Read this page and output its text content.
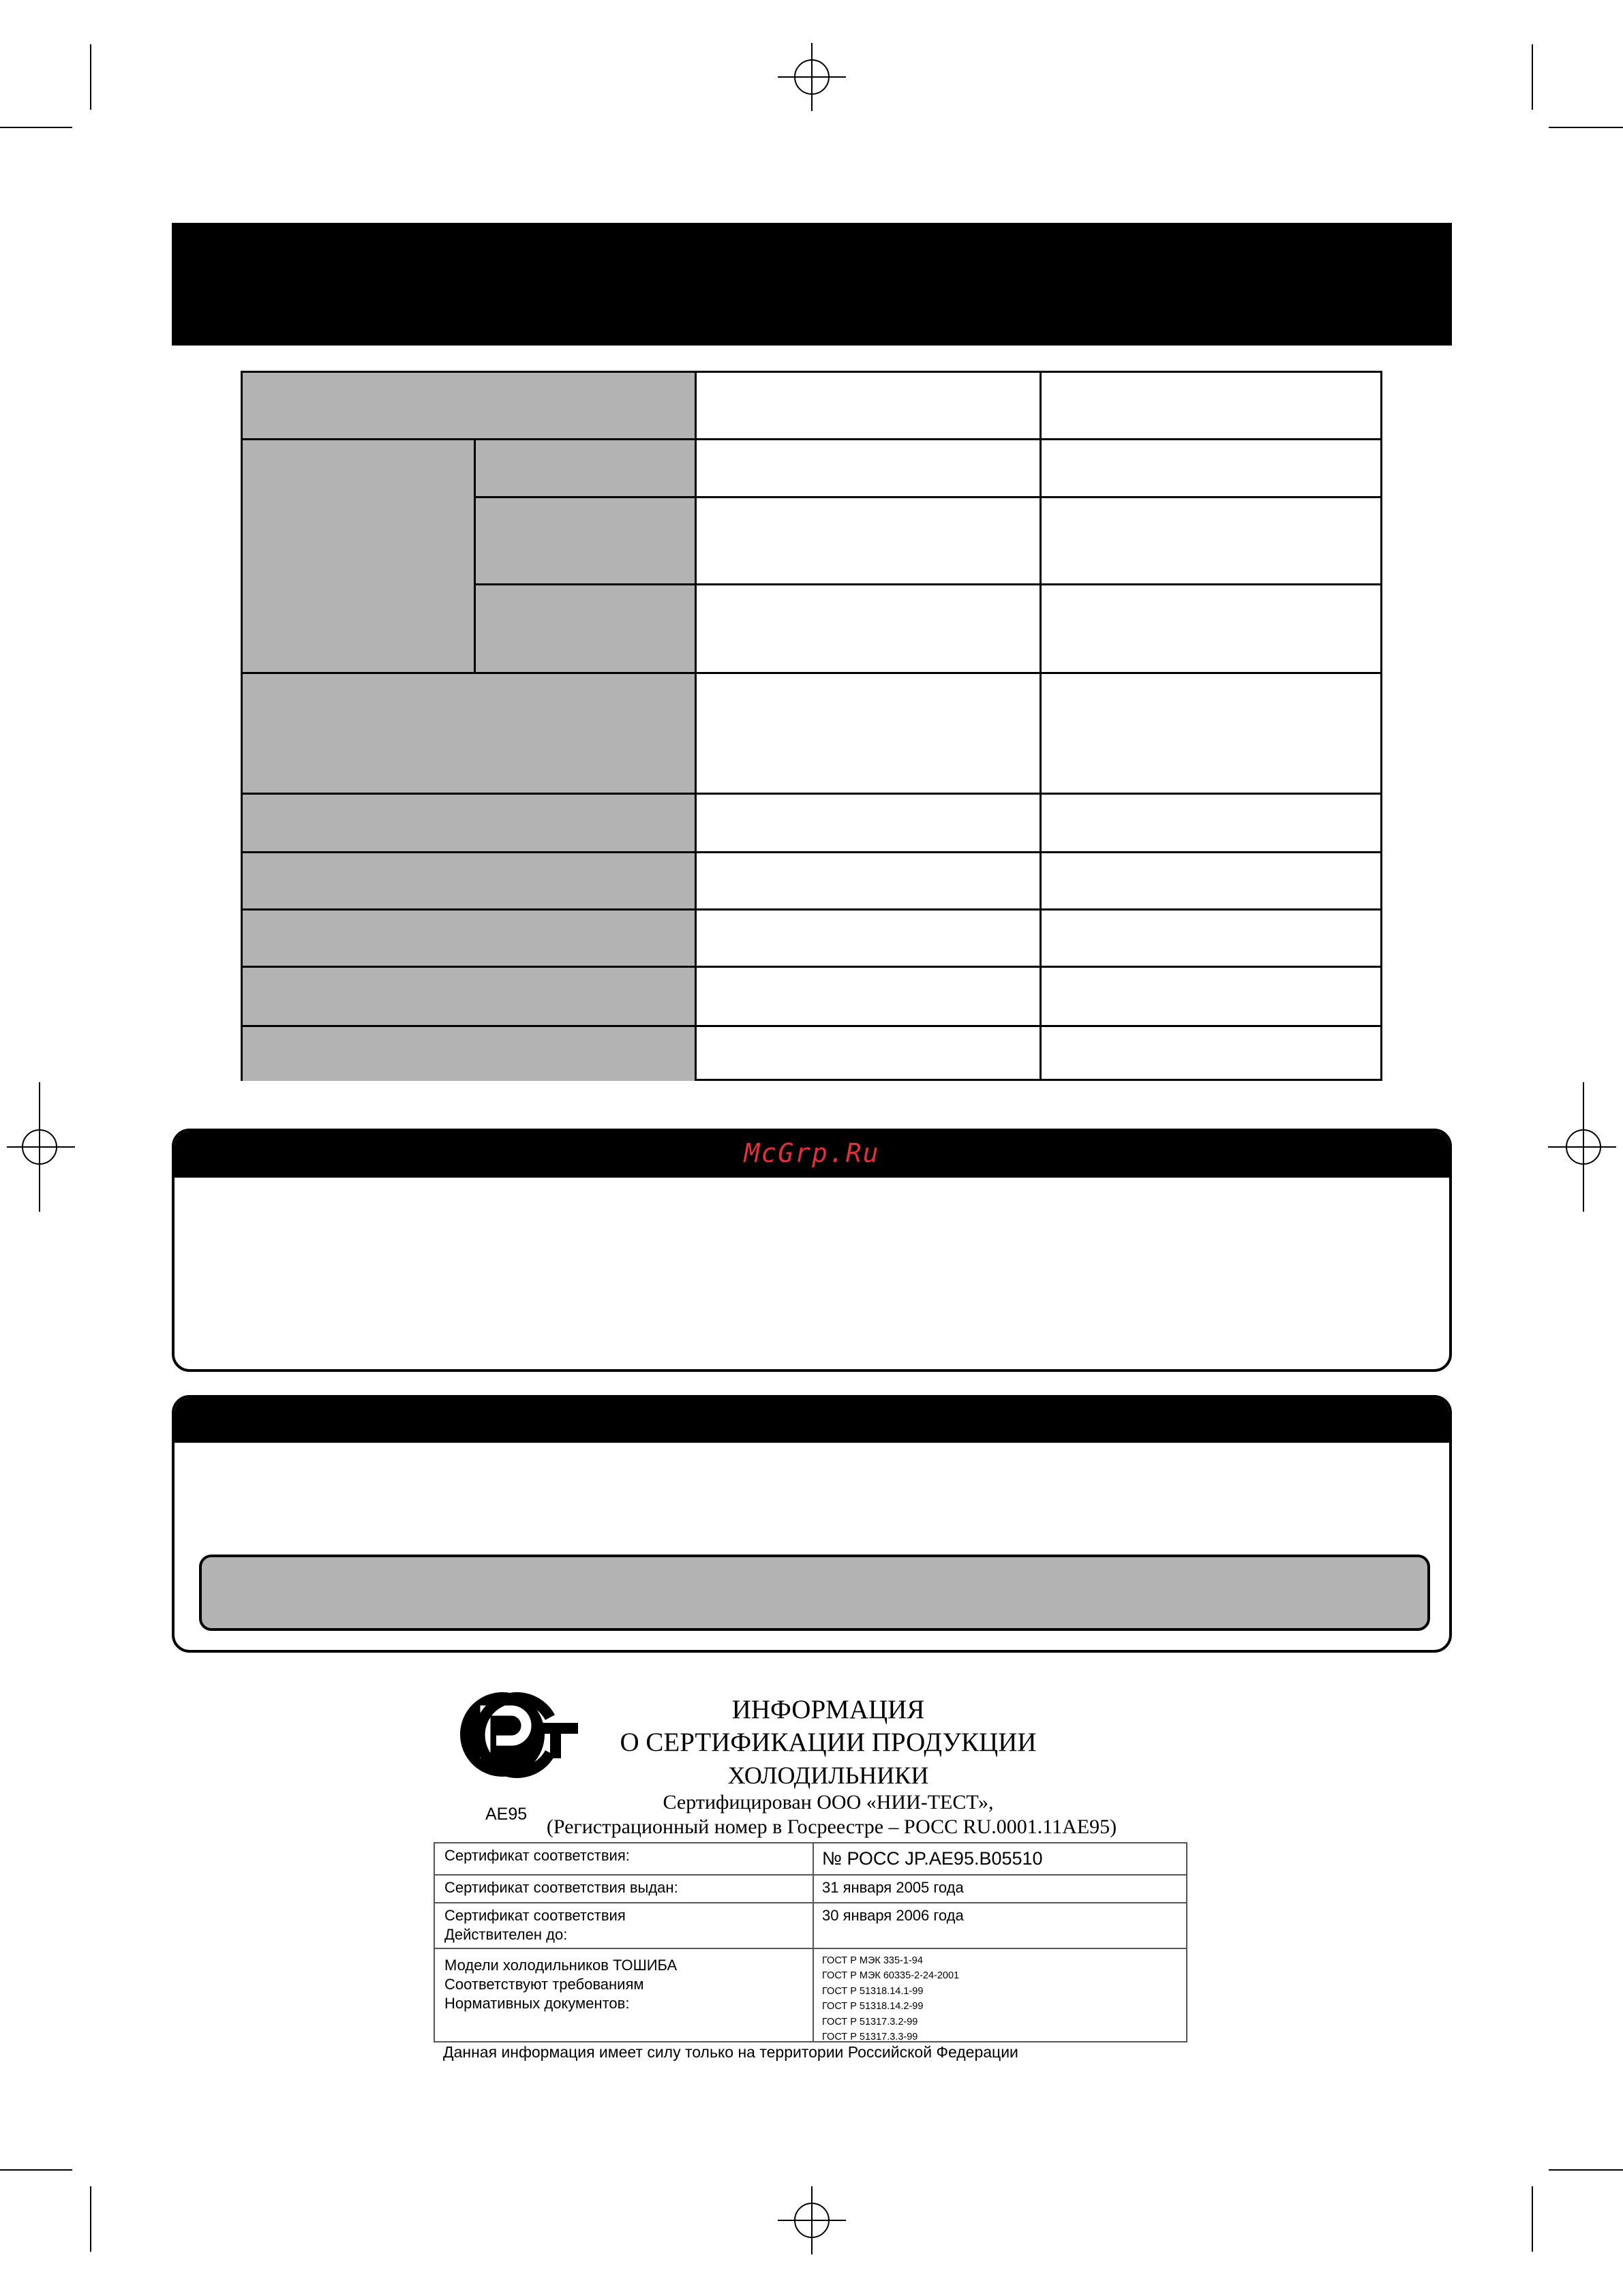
McGrp.Ru
AE95
ИНФОРМАЦИЯ
О СЕРТИФИКАЦИИ ПРОДУКЦИИ
ХОЛОДИЛЬНИКИ
Сертифицирован ООО «НИИ-ТЕСТ»,
(Регистрационный номер в Госреестре – РОСС RU.0001.11АЕ95)
Сертификат соответствия:	№ РОСС JP.AE95.B05510
Сертификат соответствия выдан:	31 января 2005 года
Сертификат соответствия
Действителен до:
30 января 2006 года
Модели холодильников ТОШИБА
Соответствуют требованиям
Нормативных документов:
ГОСТ Р МЭК 335-1-94
ГОСТ Р МЭК 60335-2-24-2001
ГОСТ Р 51318.14.1-99
ГОСТ Р 51318.14.2-99
ГОСТ Р 51317.3.2-99
ГОСТ Р 51317.3.3-99
Данная информация имеет силу только на территории Российской Федерации
